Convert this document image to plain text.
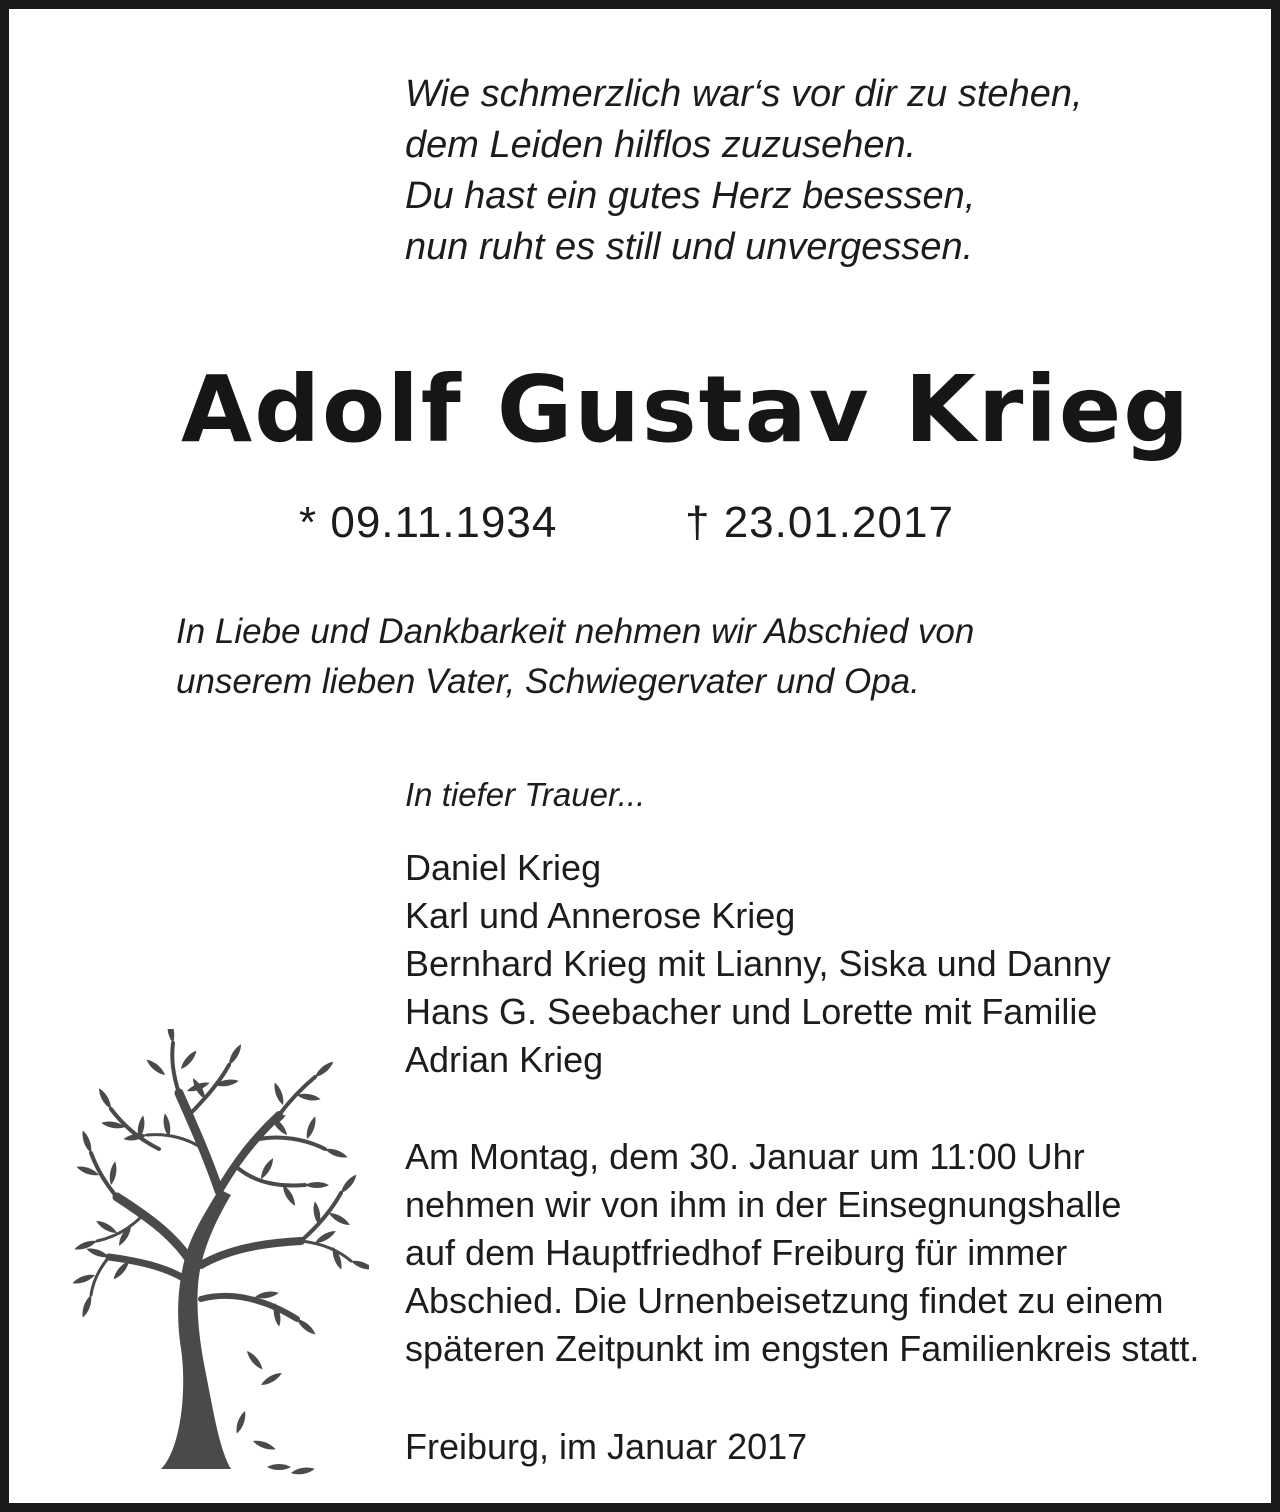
Wie schmerzlich war‘s vor dir zu stehen,
dem Leiden hilflos zuzusehen.
Du hast ein gutes Herz besessen,
nun ruht es still und unvergessen.
Adolf Gustav Krieg
* 09.11.1934	† 23.01.2017
In Liebe und Dankbarkeit nehmen wir Abschied von
unserem lieben Vater, Schwiegervater und Opa.
In tiefer Trauer...
Daniel Krieg
Karl und Annerose Krieg
Bernhard Krieg mit Lianny, Siska und Danny
Hans G. Seebacher und Lorette mit Familie
Adrian Krieg
Am Montag, dem 30. Januar um 11:00 Uhr
nehmen wir von ihm in der Einsegnungshalle
auf dem Hauptfriedhof Freiburg für immer
Abschied. Die Urnenbeisetzung findet zu einem
späteren Zeitpunkt im engsten Familienkreis statt.
Freiburg, im Januar 2017
